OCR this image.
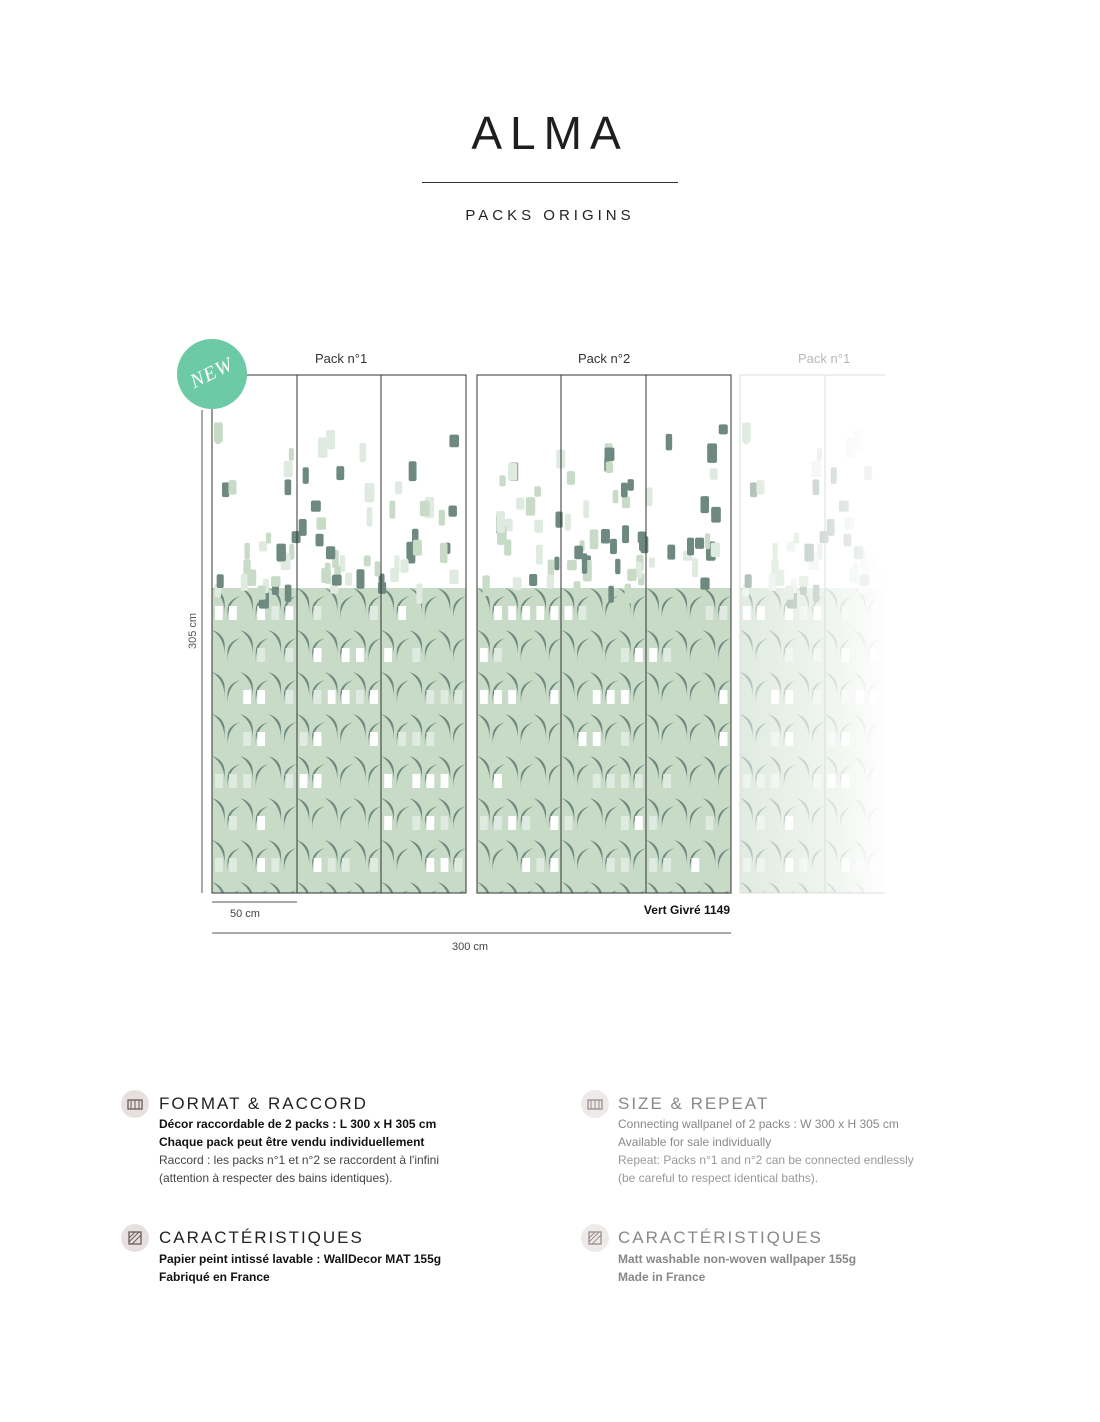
ALMA
PACKS ORIGINS
Pack n°1	Pack n°2	Pack n°1
NEW
305 cm
50 cm
300 cm
Vert Givré 1149
FORMAT & RACCORD
Décor raccordable de 2 packs : L 300 x H 305 cm
Chaque pack peut être vendu individuellement
Raccord : les packs n°1 et n°2 se raccordent à l'infini
(attention à respecter des bains identiques).
SIZE & REPEAT
Connecting wallpanel of 2 packs : W 300 x H 305 cm
Available for sale individually
Repeat: Packs n°1 and n°2 can be connected endlessly
(be careful to respect identical baths).
CARACTÉRISTIQUES
Papier peint intissé lavable : WallDecor MAT 155g
Fabriqué en France
CARACTÉRISTIQUES
Matt washable non-woven wallpaper 155g
Made in France
